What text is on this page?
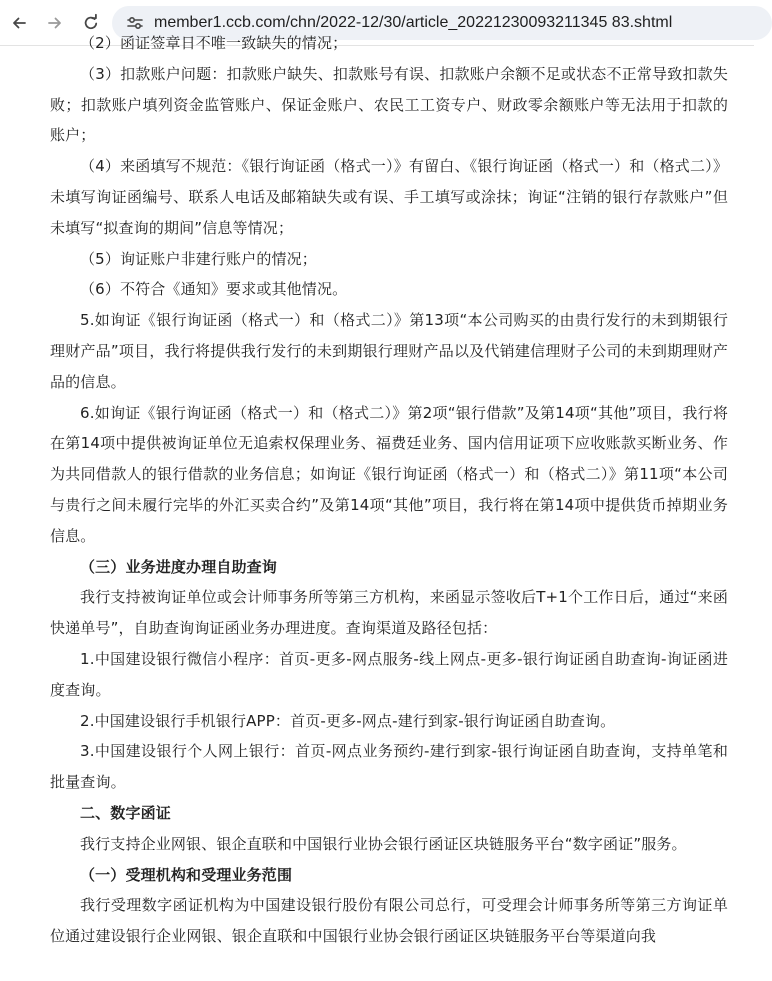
member1.ccb.com/chn/2022-12/30/article_20221230093211345 83.shtml

（2）函证签章日不唯一致缺失的情况；

（3）扣款账户问题：扣款账户缺失、扣款账号有误、扣款账户余额不足或状态不正常导致扣款失败；扣款账户填列资金监管账户、保证金账户、农民工工资专户、财政零余额账户等无法用于扣款的账户；

（4）来函填写不规范：《银行询证函（格式一）》有留白、《银行询证函（格式一）和（格式二）》未填写询证函编号、联系人电话及邮箱缺失或有误、手工填写或涂抹；询证“注销的银行存款账户”但未填写“拟查询的期间”信息等情况；

（5）询证账户非建行账户的情况；

（6）不符合《通知》要求或其他情况。

5.如询证《银行询证函（格式一）和（格式二）》第13项“本公司购买的由贵行发行的未到期银行理财产品”项目，我行将提供我行发行的未到期银行理财产品以及代销建信理财子公司的未到期理财产品的信息。

6.如询证《银行询证函（格式一）和（格式二）》第2项“银行借款”及第14项“其他”项目，我行将在第14项中提供被询证单位无追索权保理业务、福费廷业务、国内信用证项下应收账款买断业务、作为共同借款人的银行借款的业务信息；如询证《银行询证函（格式一）和（格式二）》第11项“本公司与贵行之间未履行完毕的外汇买卖合约”及第14项“其他”项目，我行将在第14项中提供货币掉期业务信息。

（三）业务进度办理自助查询

我行支持被询证单位或会计师事务所等第三方机构，来函显示签收后T+1个工作日后，通过“来函快递单号”，自助查询询证函业务办理进度。查询渠道及路径包括：

1.中国建设银行微信小程序：首页-更多-网点服务-线上网点-更多-银行询证函自助查询-询证函进度查询。

2.中国建设银行手机银行APP：首页-更多-网点-建行到家-银行询证函自助查询。

3.中国建设银行个人网上银行：首页-网点业务预约-建行到家-银行询证函自助查询，支持单笔和批量查询。

二、数字函证

我行支持企业网银、银企直联和中国银行业协会银行函证区块链服务平台“数字函证”服务。

（一）受理机构和受理业务范围

我行受理数字函证机构为中国建设银行股份有限公司总行，可受理会计师事务所等第三方询证单位通过建设银行企业网银、银企直联和中国银行业协会银行函证区块链服务平台等渠道向我
